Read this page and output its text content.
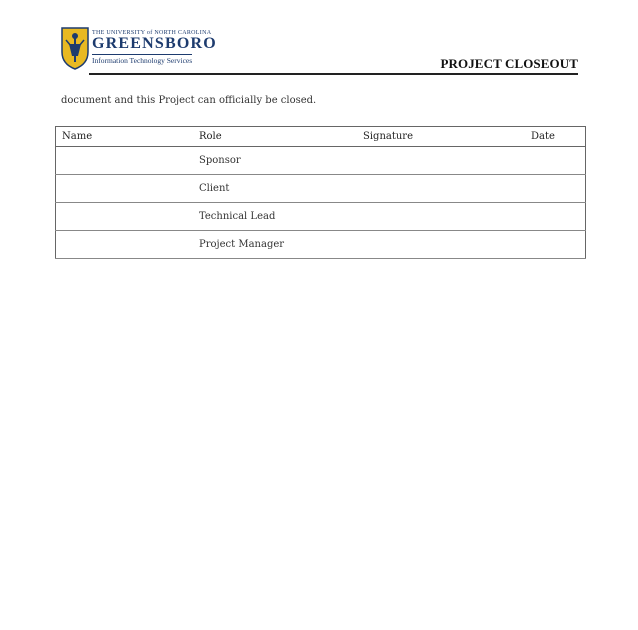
THE UNIVERSITY of NORTH CAROLINA
GREENSBORO
Information Technology Services	PROJECT CLOSEOUT
document and this Project can officially be closed.
Name	Role	Signature	Date
	Sponsor		
	Client		
	Technical Lead		
	Project Manager		
